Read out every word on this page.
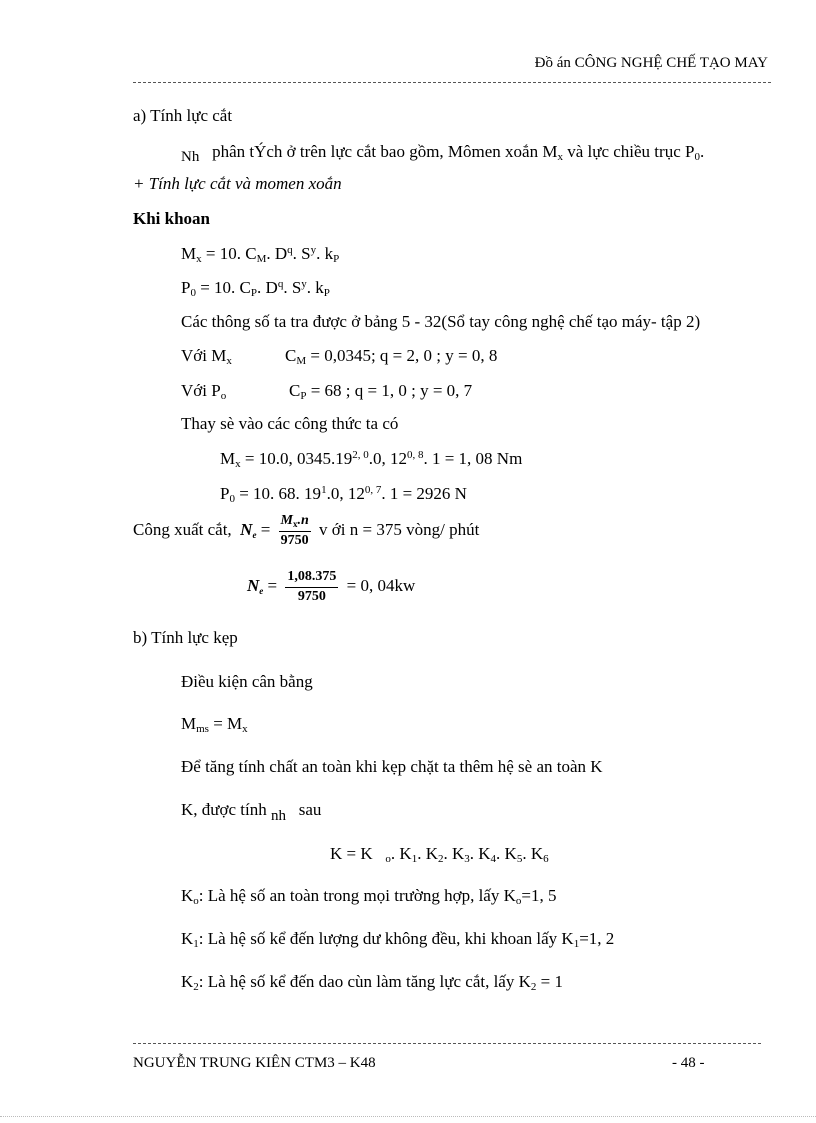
Đồ án CÔNG NGHỆ CHẾ TẠO MAY
a) Tính lực cắt
Nh phân tÝch ở trên lực cắt bao gồm, Mômen xoắn $M_x$ và lực chiều trục $P_0$.
+ Tính lực cắt và momen xoắn
Khi khoan
$M_x = 10$. $C_M$. $D^q$. $S^y$. $k_P$
$P_0 = 10$. $C_P$. $D^q$. $S^y$. $k_P$
Các thông số ta tra được ở bảng 5 - 32(Sổ tay công nghệ chế tạo máy- tập 2)
Với $M_x$	$C_M = 0,0345$; q = 2, 0 ; y = 0, 8
Với $P_o$	$C_P = 68$ ; q = 1, 0 ; y = 0, 7
Thay sè vào các công thức ta có
$M_x = 10.0$, 0345.19$^{2, 0}$.0, 12$^{0, 8}$. 1 = 1, 08 Nm
$P_0 = 10$. 68. $19^1.0$, 12$^{0, 7}$. 1 = 2926 N
Công xuất cắt, $N_e = \frac{M_x.n}{9750}$ v ới n = 375 vòng/ phút
$N_e = \frac{1,08.375}{9750} = 0$, 04kw
b) Tính lực kẹp
Điều kiện cân bằng
$M_{ms} = M_x$
Để tăng tính chất an toàn khi kẹp chặt ta thêm hệ sè an toàn K
K, được tính nh sau
K = K $_o$. $K_1$. $K_2$. $K_3$. $K_4$. $K_5$. $K_6$
$K_o$: Là hệ số an toàn trong mọi trường hợp, lấy $K_o=1$, 5
$K_1$: Là hệ số kể đến lượng dư không đều, khi khoan lấy $K_1=1$, 2
$K_2$: Là hệ số kể đến dao cùn làm tăng lực cắt, lấy $K_2 = 1$
NGUYỄN TRUNG KIÊN CTM3 – K48	- 48 -
